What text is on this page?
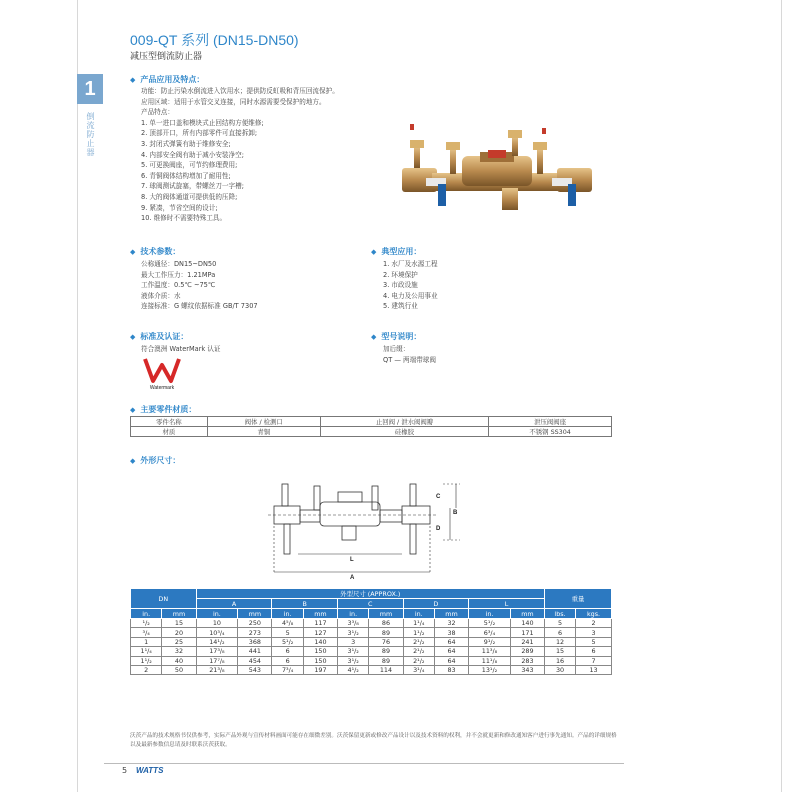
1
倒流防止器
009-QT 系列 (DN15-DN50)
减压型倒流防止器
◆ 产品应用及特点：
功能：防止污染水倒流进入饮用水；提供防反虹吸和背压回流保护。
应用区域：适用于水管交叉连接，同时水源需要受保护的地方。
产品特点：
1. 单一进口盖和模块式止回结构方便维修;
2. 顶部开口，所有内部零件可直接拆卸;
3. 封闭式弹簧有助于维修安全;
4. 内部安全阀有助于减小安装净空;
5. 可更换阀座，可节约修理费用;
6. 青铜阀体结构增加了耐用性;
7. 球阀测试旋塞，带螺丝刀一字槽;
8. 大的阀体通道可提供低的压降;
9. 紧凑，节省空间的设计;
10. 维修时不需要特殊工具。
◆ 技术参数：
公称通径：DN15~DN50
最大工作压力：1.21MPa
工作温度：0.5℃ ~75℃
液体介质：水
连接标准：G 螺纹依据标准 GB/T 7307
◆ 典型应用：
1. 水厂及水源工程
2. 环境保护
3. 市政设施
4. 电力及公用事业
5. 建筑行业
◆ 标准及认证：
符合澳洲 WaterMark 认证
Watermark
◆ 型号说明：
加后缀：
QT — 两端带球阀
◆ 主要零件材质：
零件名称	阀体 / 检测口	止回阀 / 泄水阀阀瓣	泄压阀阀座
材质	青铜	硅橡胶	不锈钢 SS304
◆ 外形尺寸：
C
B
D
L
A
DN		外型尺寸 (APPROX.)										重量	
		A		B		C		D		L			
in.	mm	in.	mm	in.	mm	in.	mm	in.	mm	in.	mm	lbs.	kgs.
¹/₂	15	10	250	4⁵/₈	117	3³/₈	86	1¹/₄	32	5¹/₂	140	5	2
³/₄	20	10³/₄	273	5	127	3¹/₂	89	1¹/₂	38	6³/₄	171	6	3
1	25	14¹/₂	368	5¹/₂	140	3	76	2¹/₂	64	9¹/₂	241	12	5
1¹/₄	32	17³/₈	441	6	150	3¹/₂	89	2¹/₂	64	11³/₈	289	15	6
1¹/₂	40	17⁷/₈	454	6	150	3¹/₂	89	2¹/₂	64	11¹/₈	283	16	7
2	50	21³/₈	543	7³/₄	197	4¹/₂	114	3¹/₄	83	13¹/₂	343	30	13
沃茨产品的技术规格书仅供参考，实际产品外观与宣传材料画面可能存在细微差别。沃茨保留更新或修改产品设计以及技术资料的权利，并不会就更新和修改通知客户进行事先通知。产品的详细规格以及最新参数信息请及时联系沃茨获取。
5 WATTS
